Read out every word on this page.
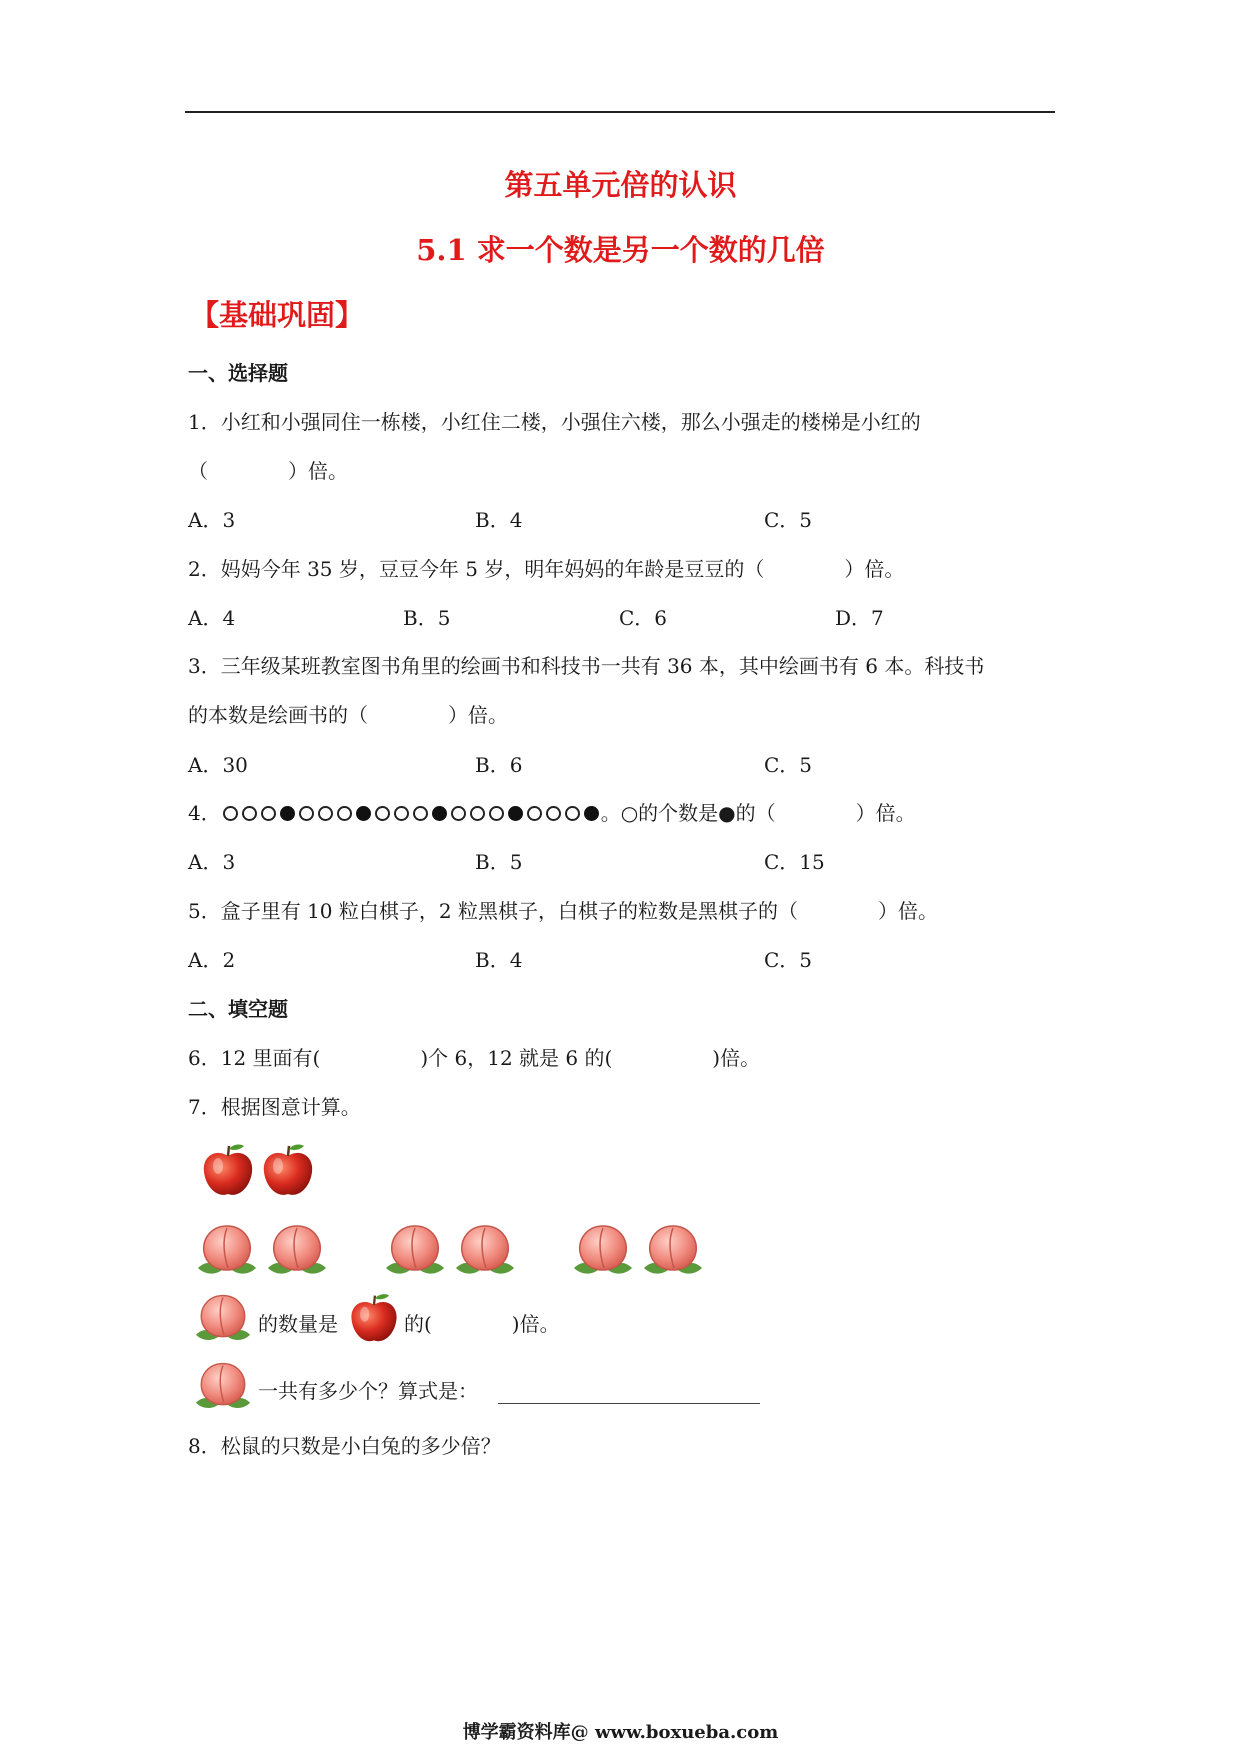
第五单元倍的认识
5.1 求一个数是另一个数的几倍
【基础巩固】
一、选择题
1．小红和小强同住一栋楼，小红住二楼，小强住六楼，那么小强走的楼梯是小红的
（　　　　）倍。
A．3	B．4	C．5
2．妈妈今年 35 岁，豆豆今年 5 岁，明年妈妈的年龄是豆豆的（　　　　）倍。
A．4	B．5	C．6	D．7
3．三年级某班教室图书角里的绘画书和科技书一共有 36 本，其中绘画书有 6 本。科技书
的本数是绘画书的（　　　　）倍。
A．30	B．6	C．5
4．	。○的个数是●的（　　　　）倍。
A．3	B．5	C．15
5．盒子里有 10 粒白棋子，2 粒黑棋子，白棋子的粒数是黑棋子的（　　　　）倍。
A．2	B．4	C．5
二、填空题
6．12 里面有(　　　　　)个 6，12 就是 6 的(　　　　　)倍。
7．根据图意计算。
的数量是	的(　　　　)倍。
一共有多少个？算式是：
8．松鼠的只数是小白兔的多少倍？
博学霸资料库@ www.boxueba.com
